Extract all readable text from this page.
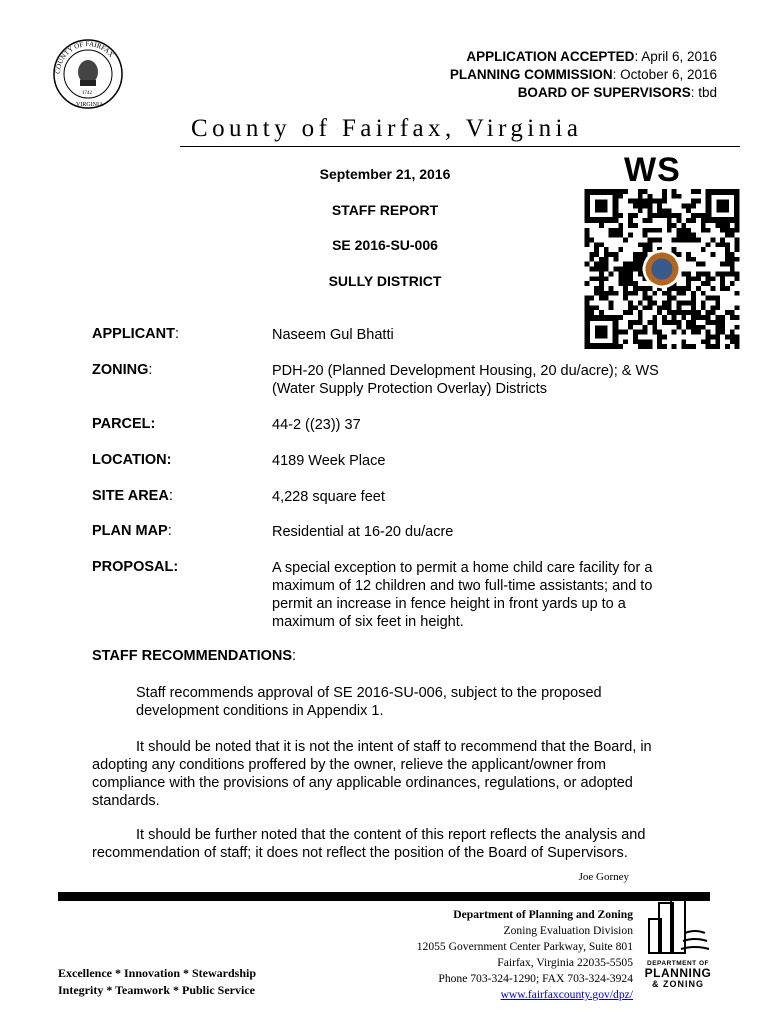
COUNTY OF FAIRFAX
1742
VIRGINIA
APPLICATION ACCEPTED: April 6, 2016
PLANNING COMMISSION: October 6, 2016
BOARD OF SUPERVISORS: tbd
County of Fairfax, Virginia
September 21, 2016
STAFF REPORT
SE 2016-SU-006
SULLY DISTRICT
WS
APPLICANT:	Naseem Gul Bhatti
ZONING:	PDH-20 (Planned Development Housing, 20 du/acre); & WS (Water Supply Protection Overlay) Districts
PARCEL:	44-2 ((23)) 37
LOCATION:	4189 Week Place
SITE AREA:	4,228 square feet
PLAN MAP:	Residential at 16-20 du/acre
PROPOSAL:	A special exception to permit a home child care facility for a maximum of 12 children and two full-time assistants; and to permit an increase in fence height in front yards up to a maximum of six feet in height.
STAFF RECOMMENDATIONS:
Staff recommends approval of SE 2016-SU-006, subject to the proposed development conditions in Appendix 1.
It should be noted that it is not the intent of staff to recommend that the Board, in adopting any conditions proffered by the owner, relieve the applicant/owner from compliance with the provisions of any applicable ordinances, regulations, or adopted standards.
It should be further noted that the content of this report reflects the analysis and recommendation of staff; it does not reflect the position of the Board of Supervisors.
Joe Gorney
Department of Planning and Zoning
Zoning Evaluation Division
12055 Government Center Parkway, Suite 801
Fairfax, Virginia 22035-5505
Phone 703-324-1290; FAX 703-324-3924
www.fairfaxcounty.gov/dpz/
Excellence * Innovation * Stewardship
Integrity * Teamwork * Public Service
DEPARTMENT OF
PLANNING
& ZONING
